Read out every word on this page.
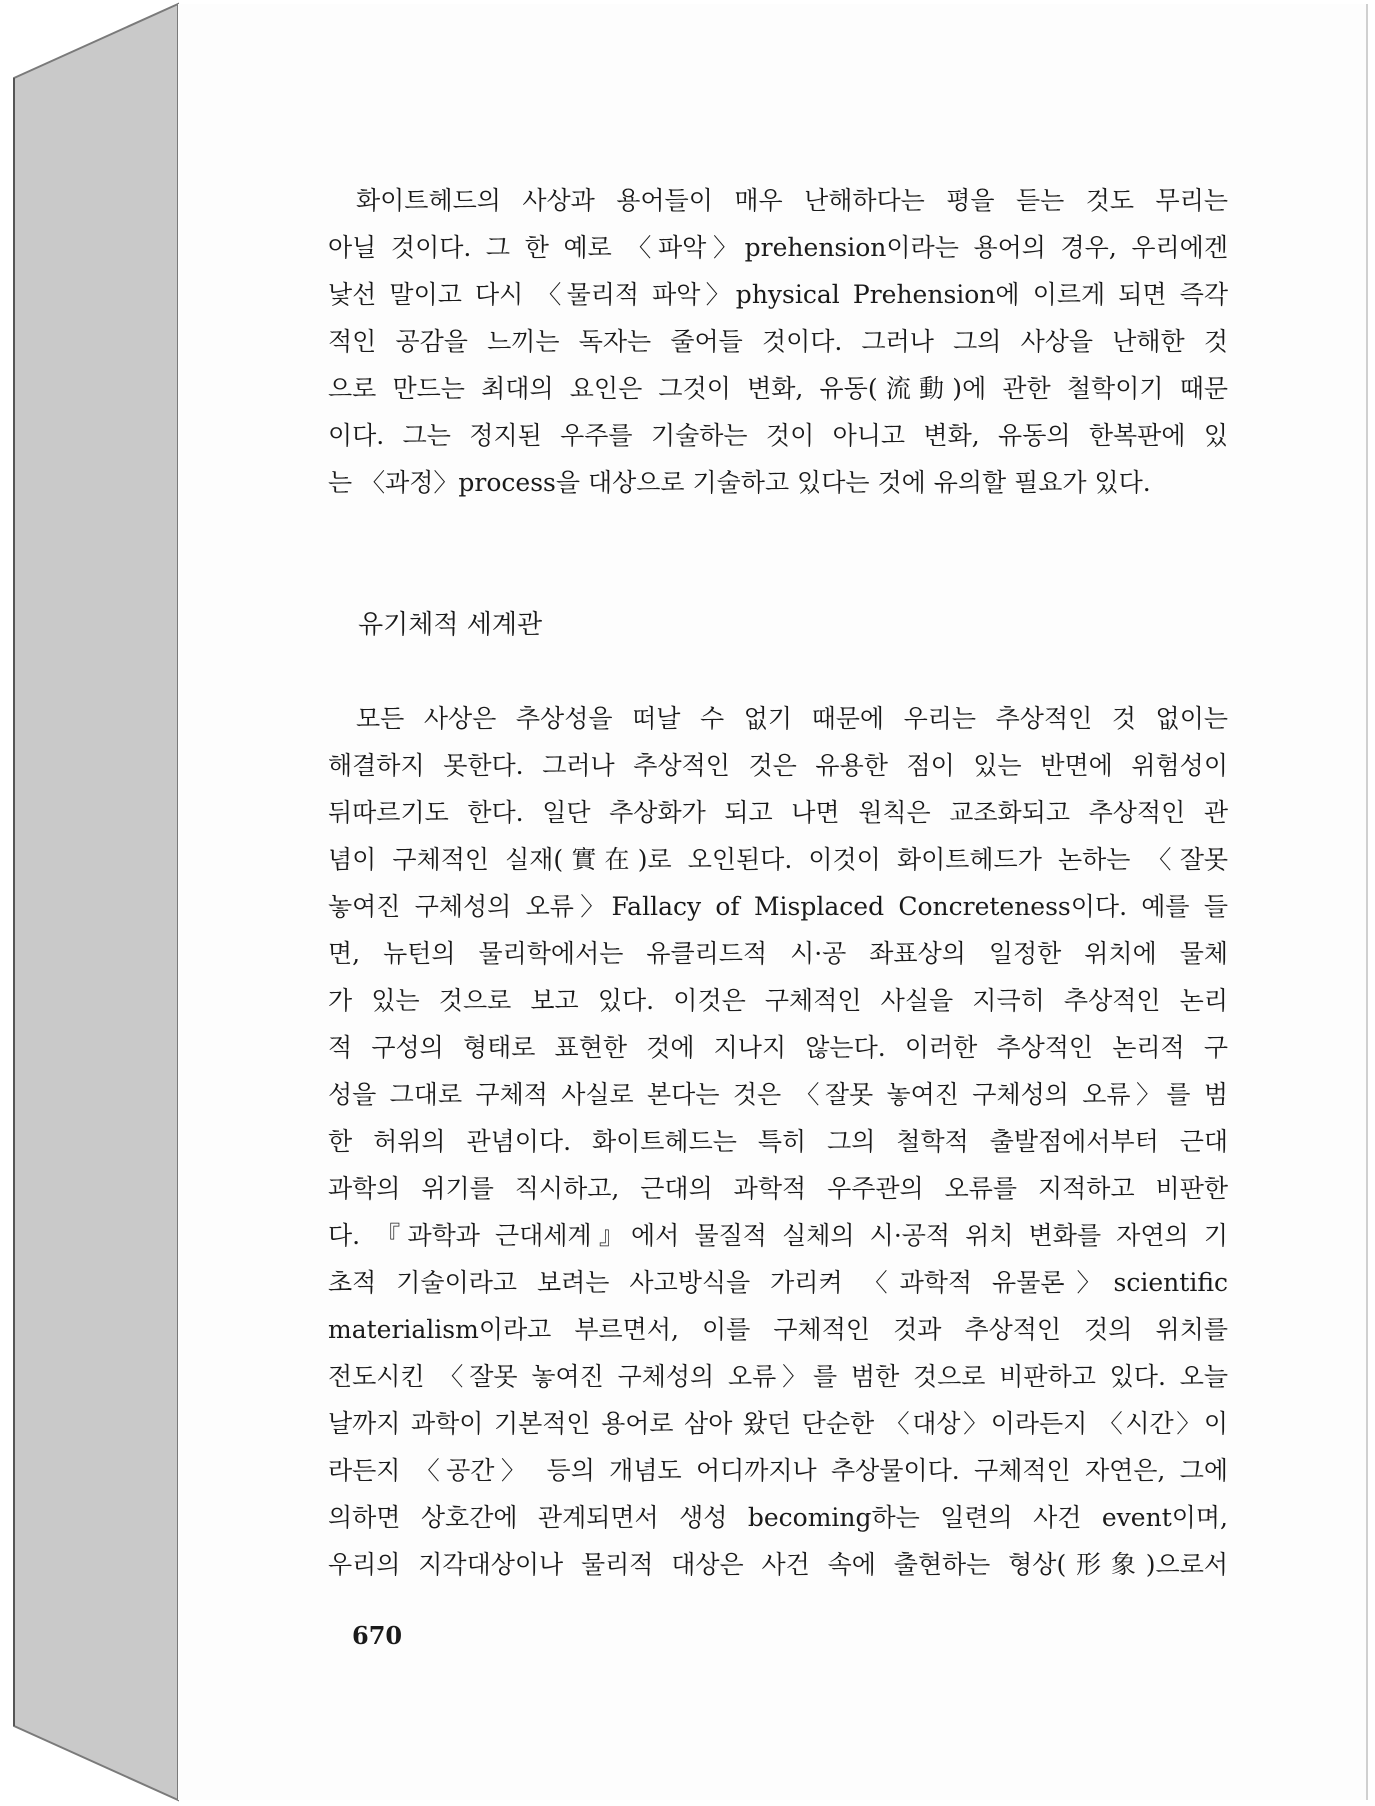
화이트헤드의 사상과 용어들이 매우 난해하다는 평을 듣는 것도 무리는

아닐 것이다. 그 한 예로 〈파악〉prehension이라는 용어의 경우, 우리에겐

낯선 말이고 다시 〈물리적 파악〉physical Prehension에 이르게 되면 즉각

적인 공감을 느끼는 독자는 줄어들 것이다. 그러나 그의 사상을 난해한 것

으로 만드는 최대의 요인은 그것이 변화, 유동(流動)에 관한 철학이기 때문

이다. 그는 정지된 우주를 기술하는 것이 아니고 변화, 유동의 한복판에 있

는 〈과정〉process을 대상으로 기술하고 있다는 것에 유의할 필요가 있다.

유기체적 세계관

모든 사상은 추상성을 떠날 수 없기 때문에 우리는 추상적인 것 없이는

해결하지 못한다. 그러나 추상적인 것은 유용한 점이 있는 반면에 위험성이

뒤따르기도 한다. 일단 추상화가 되고 나면 원칙은 교조화되고 추상적인 관

념이 구체적인 실재(實在)로 오인된다. 이것이 화이트헤드가 논하는 〈잘못

놓여진 구체성의 오류〉Fallacy of Misplaced Concreteness이다. 예를 들

면, 뉴턴의 물리학에서는 유클리드적 시·공 좌표상의 일정한 위치에 물체

가 있는 것으로 보고 있다. 이것은 구체적인 사실을 지극히 추상적인 논리

적 구성의 형태로 표현한 것에 지나지 않는다. 이러한 추상적인 논리적 구

성을 그대로 구체적 사실로 본다는 것은 〈잘못 놓여진 구체성의 오류〉를 범

한 허위의 관념이다. 화이트헤드는 특히 그의 철학적 출발점에서부터 근대

과학의 위기를 직시하고, 근대의 과학적 우주관의 오류를 지적하고 비판한

다. 『과학과 근대세계』에서 물질적 실체의 시·공적 위치 변화를 자연의 기

초적 기술이라고 보려는 사고방식을 가리켜 〈과학적 유물론〉scientific

materialism이라고 부르면서, 이를 구체적인 것과 추상적인 것의 위치를

전도시킨 〈잘못 놓여진 구체성의 오류〉를 범한 것으로 비판하고 있다. 오늘

날까지 과학이 기본적인 용어로 삼아 왔던 단순한 〈대상〉이라든지 〈시간〉이

라든지 〈공간〉 등의 개념도 어디까지나 추상물이다. 구체적인 자연은, 그에

의하면 상호간에 관계되면서 생성 becoming하는 일련의 사건 event이며,

우리의 지각대상이나 물리적 대상은 사건 속에 출현하는 형상(形象)으로서

670
